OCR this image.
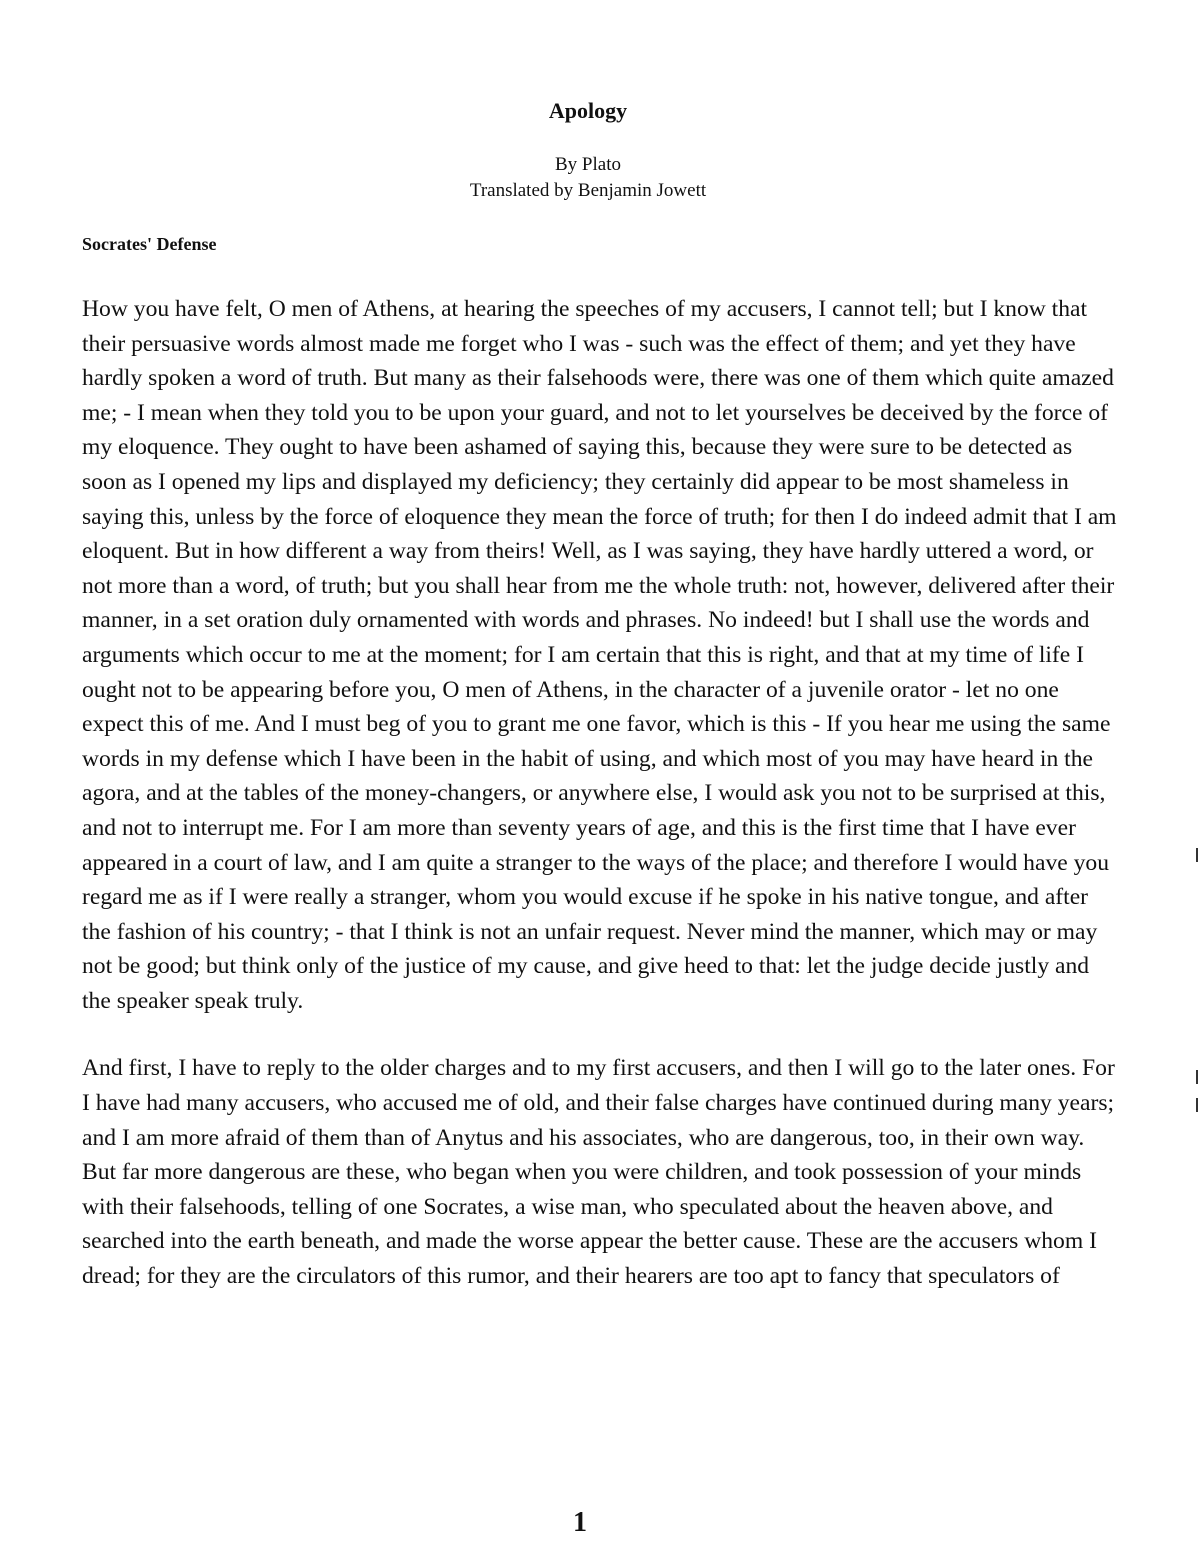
Apology
By Plato
Translated by Benjamin Jowett
Socrates' Defense

How you have felt, O men of Athens, at hearing the speeches of my accusers, I cannot tell; but I know that their persuasive words almost made me forget who I was - such was the effect of them; and yet they have hardly spoken a word of truth. But many as their falsehoods were, there was one of them which quite amazed me; - I mean when they told you to be upon your guard, and not to let yourselves be deceived by the force of my eloquence. They ought to have been ashamed of saying this, because they were sure to be detected as soon as I opened my lips and displayed my deficiency; they certainly did appear to be most shameless in saying this, unless by the force of eloquence they mean the force of truth; for then I do indeed admit that I am eloquent. But in how different a way from theirs! Well, as I was saying, they have hardly uttered a word, or not more than a word, of truth; but you shall hear from me the whole truth: not, however, delivered after their manner, in a set oration duly ornamented with words and phrases. No indeed! but I shall use the words and arguments which occur to me at the moment; for I am certain that this is right, and that at my time of life I ought not to be appearing before you, O men of Athens, in the character of a juvenile orator - let no one expect this of me. And I must beg of you to grant me one favor, which is this - If you hear me using the same words in my defense which I have been in the habit of using, and which most of you may have heard in the agora, and at the tables of the money-changers, or anywhere else, I would ask you not to be surprised at this, and not to interrupt me. For I am more than seventy years of age, and this is the first time that I have ever appeared in a court of law, and I am quite a stranger to the ways of the place; and therefore I would have you regard me as if I were really a stranger, whom you would excuse if he spoke in his native tongue, and after the fashion of his country; - that I think is not an unfair request. Never mind the manner, which may or may not be good; but think only of the justice of my cause, and give heed to that: let the judge decide justly and the speaker speak truly.

And first, I have to reply to the older charges and to my first accusers, and then I will go to the later ones. For I have had many accusers, who accused me of old, and their false charges have continued during many years; and I am more afraid of them than of Anytus and his associates, who are dangerous, too, in their own way. But far more dangerous are these, who began when you were children, and took possession of your minds with their falsehoods, telling of one Socrates, a wise man, who speculated about the heaven above, and searched into the earth beneath, and made the worse appear the better cause. These are the accusers whom I dread; for they are the circulators of this rumor, and their hearers are too apt to fancy that speculators of

1
